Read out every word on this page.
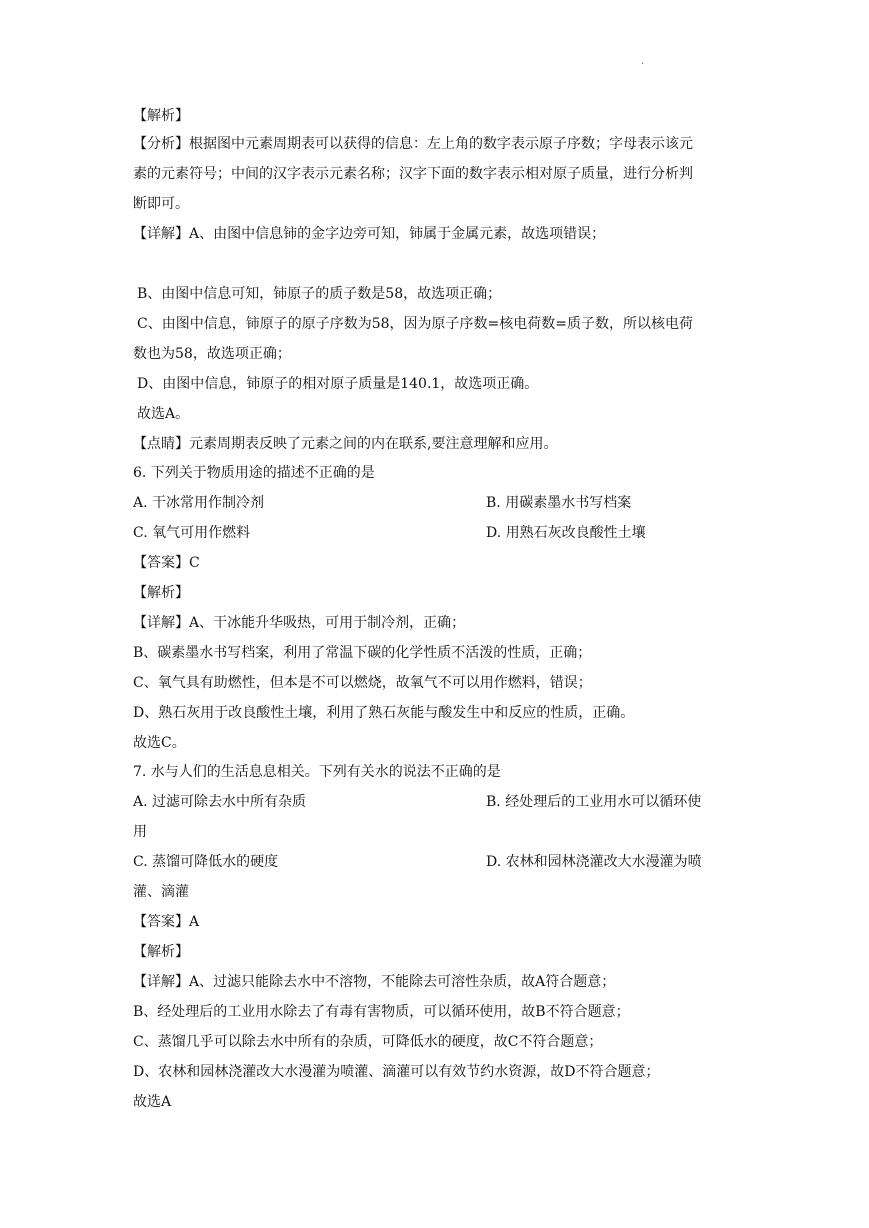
.
【解析】
【分析】根据图中元素周期表可以获得的信息：左上角的数字表示原子序数；字母表示该元
素的元素符号；中间的汉字表示元素名称；汉字下面的数字表示相对原子质量，进行分析判
断即可。
【详解】A、由图中信息铈的金字边旁可知，铈属于金属元素，故选项错误；
B、由图中信息可知，铈原子的质子数是58，故选项正确；
C、由图中信息，铈原子的原子序数为58，因为原子序数=核电荷数=质子数，所以核电荷
数也为58，故选项正确；
D、由图中信息，铈原子的相对原子质量是140.1，故选项正确。
故选A。
【点睛】元素周期表反映了元素之间的内在联系,要注意理解和应用。
6. 下列关于物质用途的描述不正确的是
A. 干冰常用作制冷剂	B. 用碳素墨水书写档案
C. 氧气可用作燃料	D. 用熟石灰改良酸性土壤
【答案】C
【解析】
【详解】A、干冰能升华吸热，可用于制冷剂，正确；
B、碳素墨水书写档案，利用了常温下碳的化学性质不活泼的性质，正确；
C、氧气具有助燃性，但本是不可以燃烧，故氧气不可以用作燃料，错误；
D、熟石灰用于改良酸性土壤，利用了熟石灰能与酸发生中和反应的性质，正确。
故选C。
7. 水与人们的生活息息相关。下列有关水的说法不正确的是
A. 过滤可除去水中所有杂质	B. 经处理后的工业用水可以循环使
用
C. 蒸馏可降低水的硬度	D. 农林和园林浇灌改大水漫灌为喷
灌、滴灌
【答案】A
【解析】
【详解】A、过滤只能除去水中不溶物，不能除去可溶性杂质，故A符合题意；
B、经处理后的工业用水除去了有毒有害物质，可以循环使用，故B不符合题意；
C、蒸馏几乎可以除去水中所有的杂质，可降低水的硬度，故C不符合题意；
D、农林和园林浇灌改大水漫灌为喷灌、滴灌可以有效节约水资源，故D不符合题意；
故选A
